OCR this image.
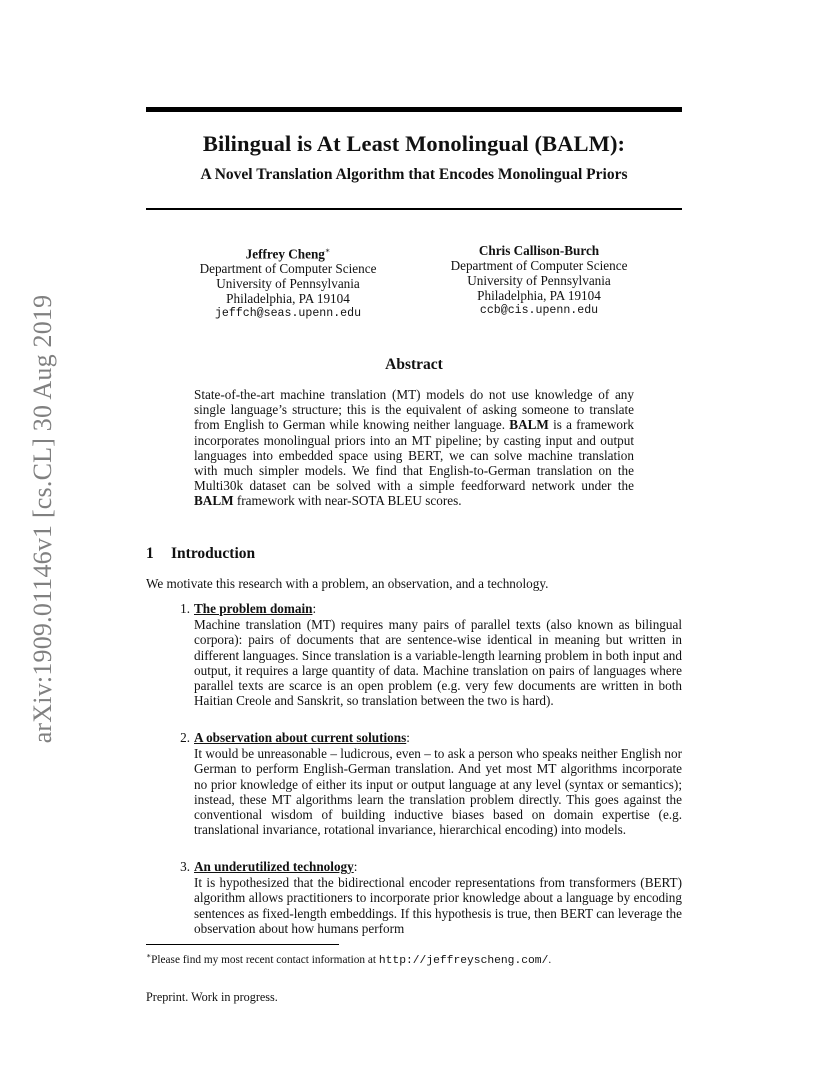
arXiv:1909.01146v1 [cs.CL] 30 Aug 2019
Bilingual is At Least Monolingual (BALM):
A Novel Translation Algorithm that Encodes Monolingual Priors
Jeffrey Cheng∗
Department of Computer Science
University of Pennsylvania
Philadelphia, PA 19104
jeffch@seas.upenn.edu
Chris Callison-Burch
Department of Computer Science
University of Pennsylvania
Philadelphia, PA 19104
ccb@cis.upenn.edu
Abstract

State-of-the-art machine translation (MT) models do not use knowledge of any single language’s structure; this is the equivalent of asking someone to translate from English to German while knowing neither language. BALM is a framework incorporates monolingual priors into an MT pipeline; by casting input and output languages into embedded space using BERT, we can solve machine translation with much simpler models. We find that English-to-German translation on the Multi30k dataset can be solved with a simple feedforward network under the BALM framework with near-SOTA BLEU scores.

1 Introduction

We motivate this research with a problem, an observation, and a technology.

1. The problem domain:
Machine translation (MT) requires many pairs of parallel texts (also known as bilingual corpora): pairs of documents that are sentence-wise identical in meaning but written in different languages. Since translation is a variable-length learning problem in both input and output, it requires a large quantity of data. Machine translation on pairs of languages where parallel texts are scarce is an open problem (e.g. very few documents are written in both Haitian Creole and Sanskrit, so translation between the two is hard).
2. A observation about current solutions:
It would be unreasonable – ludicrous, even – to ask a person who speaks neither English nor German to perform English-German translation. And yet most MT algorithms incorporate no prior knowledge of either its input or output language at any level (syntax or semantics); instead, these MT algorithms learn the translation problem directly. This goes against the conventional wisdom of building inductive biases based on domain expertise (e.g. translational invariance, rotational invariance, hierarchical encoding) into models.
3. An underutilized technology:
It is hypothesized that the bidirectional encoder representations from transformers (BERT) algorithm allows practitioners to incorporate prior knowledge about a language by encoding sentences as fixed-length embeddings. If this hypothesis is true, then BERT can leverage the observation about how humans perform
∗Please find my most recent contact information at http://jeffreyscheng.com/.
Preprint. Work in progress.
